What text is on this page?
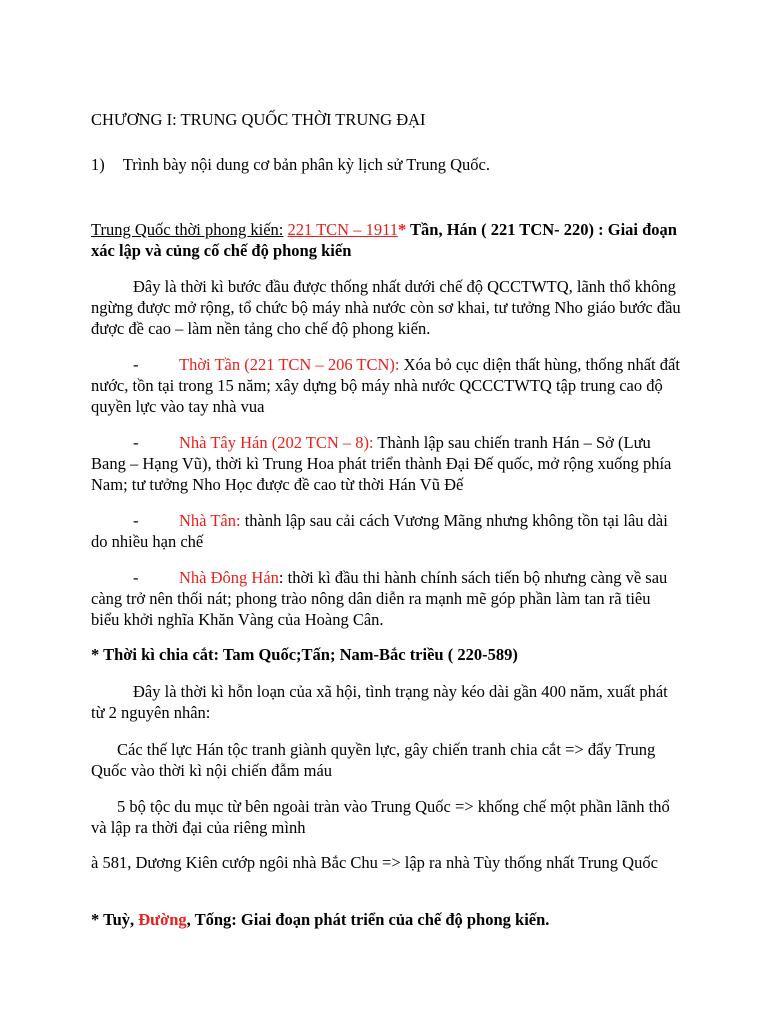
CHƯƠNG I: TRUNG QUỐC THỜI TRUNG ĐẠI

1) Trình bày nội dung cơ bản phân kỳ lịch sử Trung Quốc.

Trung Quốc thời phong kiến: 221 TCN – 1911* Tần, Hán ( 221 TCN- 220) : Giai đoạn xác lập và củng cố chế độ phong kiến

Đây là thời kì bước đầu được thống nhất dưới chế độ QCCTWTQ, lãnh thổ không ngừng được mở rộng, tổ chức bộ máy nhà nước còn sơ khai, tư tưởng Nho giáo bước đầu được đề cao – làm nền tảng cho chế độ phong kiến.

- Thời Tần (221 TCN – 206 TCN): Xóa bỏ cục diện thất hùng, thống nhất đất nước, tồn tại trong 15 năm; xây dựng bộ máy nhà nước QCCCTWTQ tập trung cao độ quyền lực vào tay nhà vua

- Nhà Tây Hán (202 TCN – 8): Thành lập sau chiến tranh Hán – Sở (Lưu Bang – Hạng Vũ), thời kì Trung Hoa phát triển thành Đại Đế quốc, mở rộng xuống phía Nam; tư tưởng Nho Học được đề cao từ thời Hán Vũ Đế

- Nhà Tân: thành lập sau cải cách Vương Mãng nhưng không tồn tại lâu dài do nhiều hạn chế

- Nhà Đông Hán: thời kì đầu thi hành chính sách tiến bộ nhưng càng về sau càng trở nên thối nát; phong trào nông dân diễn ra mạnh mẽ góp phần làm tan rã tiêu biểu khởi nghĩa Khăn Vàng của Hoàng Cân.

* Thời kì chia cắt: Tam Quốc;Tấn; Nam-Bắc triều ( 220-589)

Đây là thời kì hỗn loạn của xã hội, tình trạng này kéo dài gần 400 năm, xuất phát từ 2 nguyên nhân:

Các thế lực Hán tộc tranh giành quyền lực, gây chiến tranh chia cắt => đẩy Trung Quốc vào thời kì nội chiến đẫm máu

5 bộ tộc du mục từ bên ngoài tràn vào Trung Quốc => khống chế một phần lãnh thổ và lập ra thời đại của riêng mình

à 581, Dương Kiên cướp ngôi nhà Bắc Chu => lập ra nhà Tùy thống nhất Trung Quốc

* Tuỳ, Đường, Tống: Giai đoạn phát triển của chế độ phong kiến.
